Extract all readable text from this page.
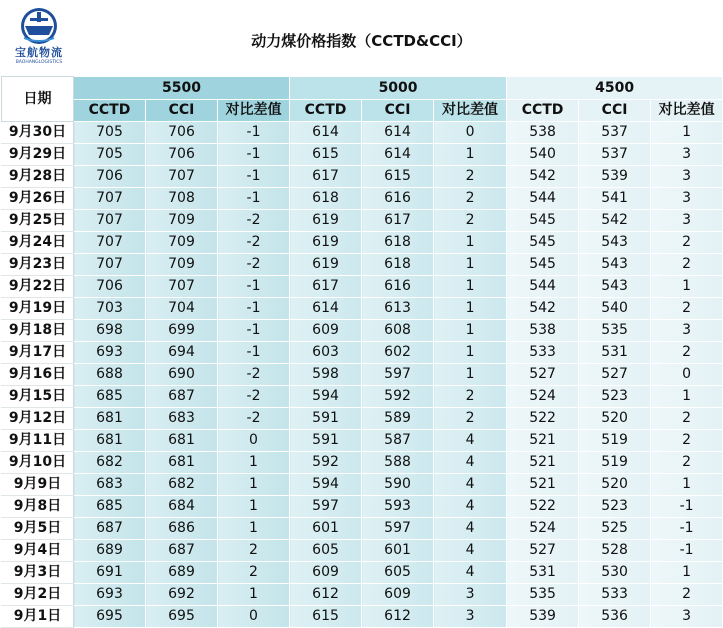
宝航物流
BAOHANGLOGISTICS
动力煤价格指数（CCTD&CCI）
日期	5500			5000			4500		
	CCTD	CCI	对比差值	CCTD	CCI	对比差值	CCTD	CCI	对比差值
9月30日	705	706	-1	614	614	0	538	537	1
9月29日	705	706	-1	615	614	1	540	537	3
9月28日	706	707	-1	617	615	2	542	539	3
9月26日	707	708	-1	618	616	2	544	541	3
9月25日	707	709	-2	619	617	2	545	542	3
9月24日	707	709	-2	619	618	1	545	543	2
9月23日	707	709	-2	619	618	1	545	543	2
9月22日	706	707	-1	617	616	1	544	543	1
9月19日	703	704	-1	614	613	1	542	540	2
9月18日	698	699	-1	609	608	1	538	535	3
9月17日	693	694	-1	603	602	1	533	531	2
9月16日	688	690	-2	598	597	1	527	527	0
9月15日	685	687	-2	594	592	2	524	523	1
9月12日	681	683	-2	591	589	2	522	520	2
9月11日	681	681	0	591	587	4	521	519	2
9月10日	682	681	1	592	588	4	521	519	2
9月9日	683	682	1	594	590	4	521	520	1
9月8日	685	684	1	597	593	4	522	523	-1
9月5日	687	686	1	601	597	4	524	525	-1
9月4日	689	687	2	605	601	4	527	528	-1
9月3日	691	689	2	609	605	4	531	530	1
9月2日	693	692	1	612	609	3	535	533	2
9月1日	695	695	0	615	612	3	539	536	3
